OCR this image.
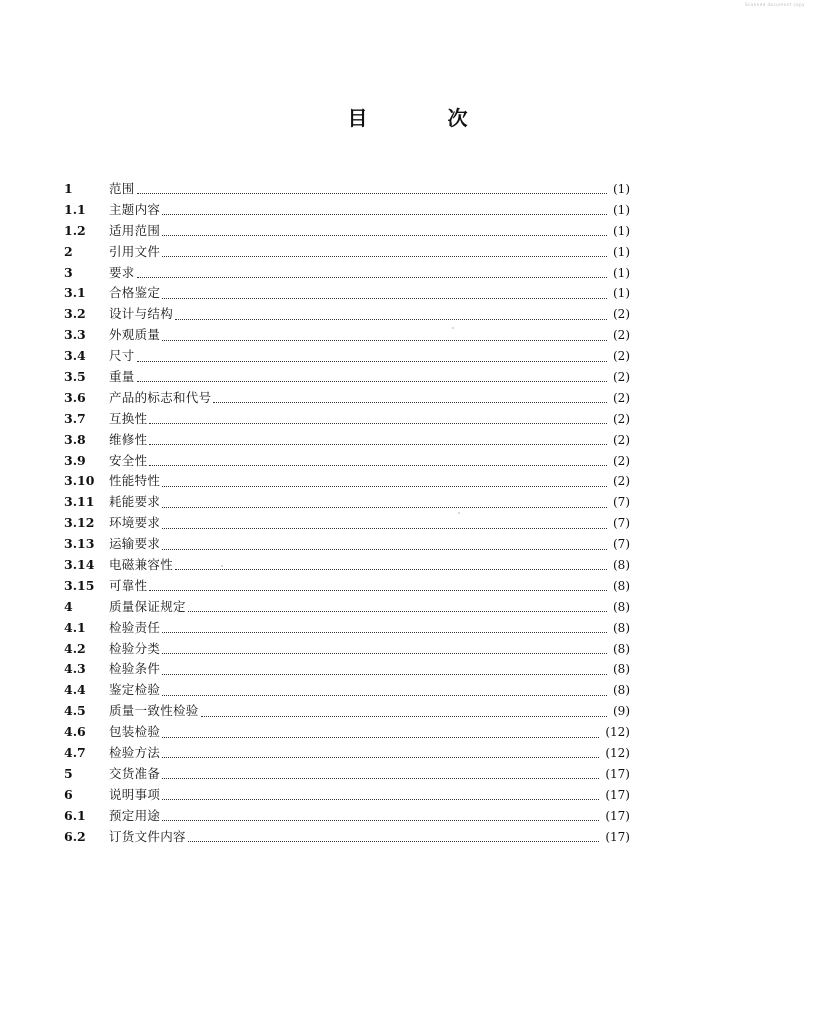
Scanned document copy
目	次
1	范围	(1)
1.1	主题内容	(1)
1.2	适用范围	(1)
2	引用文件	(1)
3	要求	(1)
3.1	合格鉴定	(1)
3.2	设计与结构	(2)
3.3	外观质量	(2)
3.4	尺寸	(2)
3.5	重量	(2)
3.6	产品的标志和代号	(2)
3.7	互换性	(2)
3.8	维修性	(2)
3.9	安全性	(2)
3.10	性能特性	(2)
3.11	耗能要求	(7)
3.12	环境要求	(7)
3.13	运输要求	(7)
3.14	电磁兼容性	(8)
3.15	可靠性	(8)
4	质量保证规定	(8)
4.1	检验责任	(8)
4.2	检验分类	(8)
4.3	检验条件	(8)
4.4	鉴定检验	(8)
4.5	质量一致性检验	(9)
4.6	包装检验	(12)
4.7	检验方法	(12)
5	交货准备	(17)
6	说明事项	(17)
6.1	预定用途	(17)
6.2	订货文件内容	(17)
